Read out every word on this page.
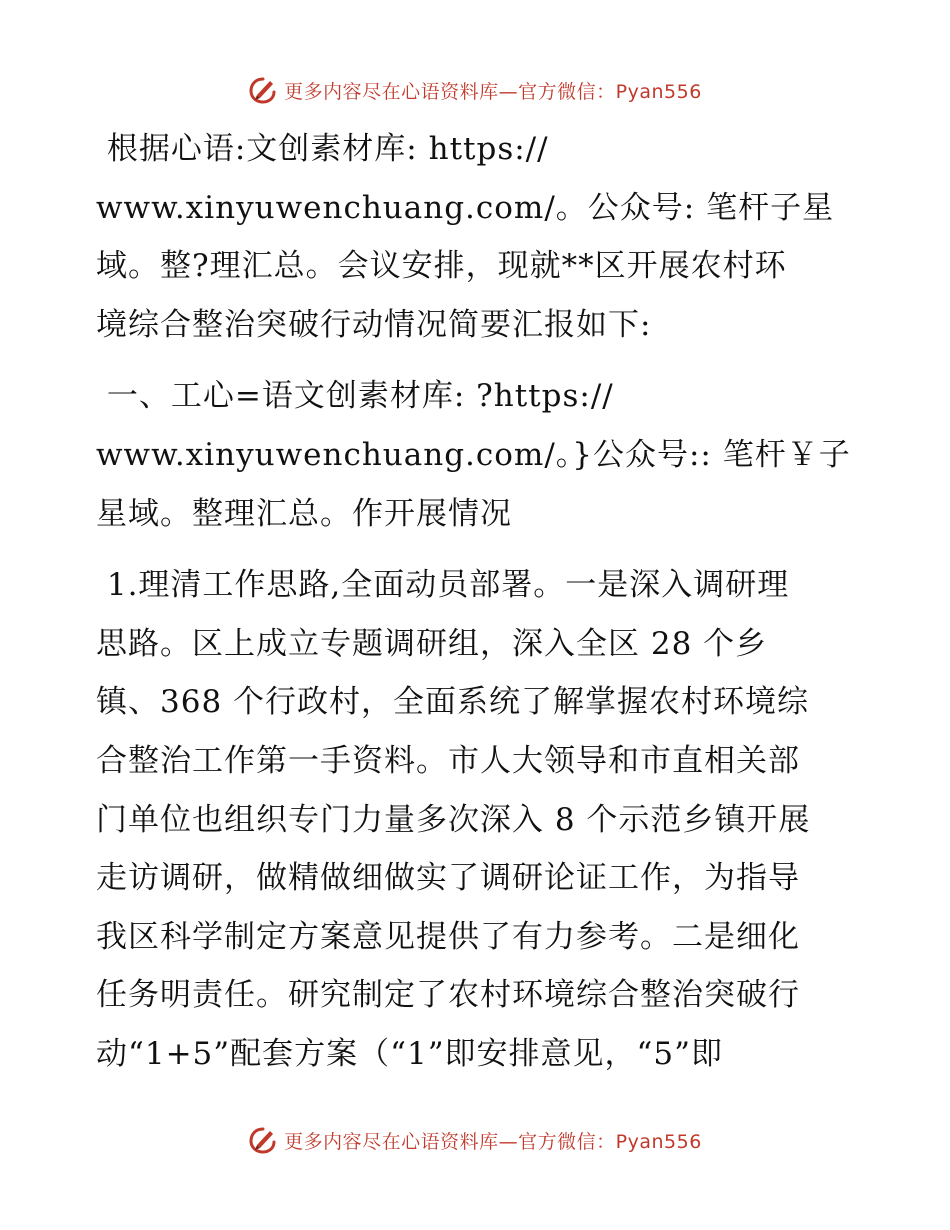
更多内容尽在心语资料库—官方微信：Pyan556

根据心语:文创素材库: https://
www.xinyuwenchuang.com/。公众号: 笔杆子星
域。整?理汇总。会议安排，现就**区开展农村环
境综合整治突破行动情况简要汇报如下:

一、工心=语文创素材库: ?https://
www.xinyuwenchuang.com/。}公众号:: 笔杆￥子
星域。整理汇总。作开展情况

1.理清工作思路,全面动员部署。一是深入调研理
思路。区上成立专题调研组，深入全区 28 个乡
镇、368 个行政村，全面系统了解掌握农村环境综
合整治工作第一手资料。市人大领导和市直相关部
门单位也组织专门力量多次深入 8 个示范乡镇开展
走访调研，做精做细做实了调研论证工作，为指导
我区科学制定方案意见提供了有力参考。二是细化
任务明责任。研究制定了农村环境综合整治突破行
动“1+5”配套方案（“1”即安排意见，“5”即

更多内容尽在心语资料库—官方微信：Pyan556
